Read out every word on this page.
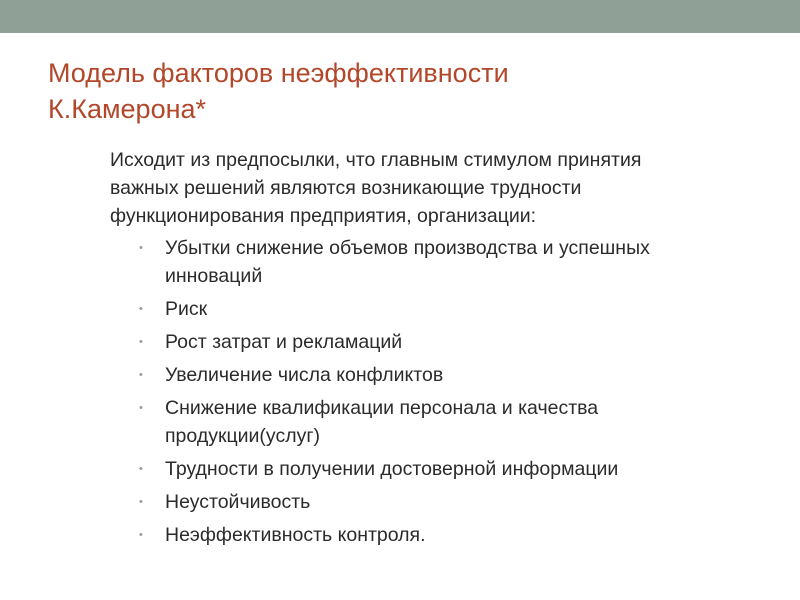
Модель факторов неэффективности
К.Камерона*
Исходит из предпосылки, что главным стимулом принятия
важных решений являются возникающие трудности
функционирования предприятия, организации:
• Убытки снижение объемов производства и успешных
инноваций
• Риск
• Рост затрат и рекламаций
• Увеличение числа конфликтов
• Снижение квалификации персонала и качества
продукции(услуг)
• Трудности в получении достоверной информации
• Неустойчивость
• Неэффективность контроля.
